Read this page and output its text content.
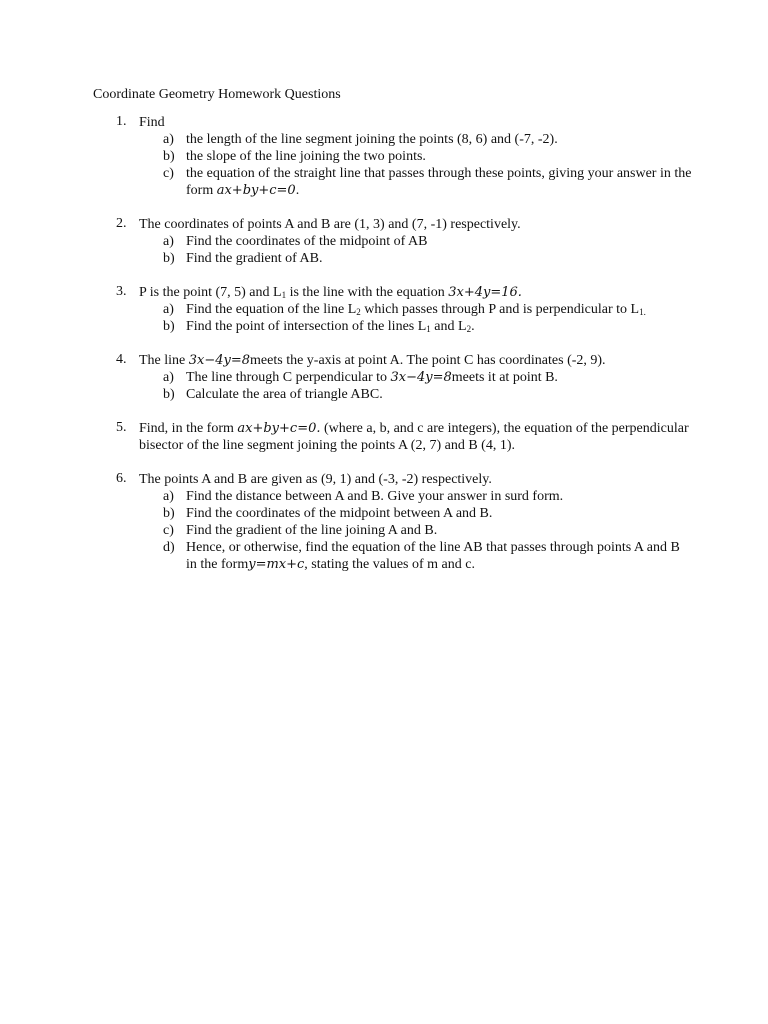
Coordinate Geometry Homework Questions
1. Find
a) the length of the line segment joining the points (8, 6) and (-7, -2).
b) the slope of the line joining the two points.
c) the equation of the straight line that passes through these points, giving your answer in the form ax+by+c=0.
2. The coordinates of points A and B are (1, 3) and (7, -1) respectively.
a) Find the coordinates of the midpoint of AB
b) Find the gradient of AB.
3. P is the point (7, 5) and $L_1$ is the line with the equation 3x+4y=16.
a) Find the equation of the line $L_2$ which passes through P and is perpendicular to $L_{1.}$
b) Find the point of intersection of the lines $L_1$ and $L_2$.
4. The line 3x−4y=8meets the y-axis at point A. The point C has coordinates (-2, 9).
a) The line through C perpendicular to 3x−4y=8meets it at point B.
b) Calculate the area of triangle ABC.
5. Find, in the form ax+by+c=0. (where a, b, and c are integers), the equation of the perpendicular bisector of the line segment joining the points A (2, 7) and B (4, 1).
6. The points A and B are given as (9, 1) and (-3, -2) respectively.
a) Find the distance between A and B. Give your answer in surd form.
b) Find the coordinates of the midpoint between A and B.
c) Find the gradient of the line joining A and B.
d) Hence, or otherwise, find the equation of the line AB that passes through points A and B in the formy=mx+c, stating the values of m and c.
